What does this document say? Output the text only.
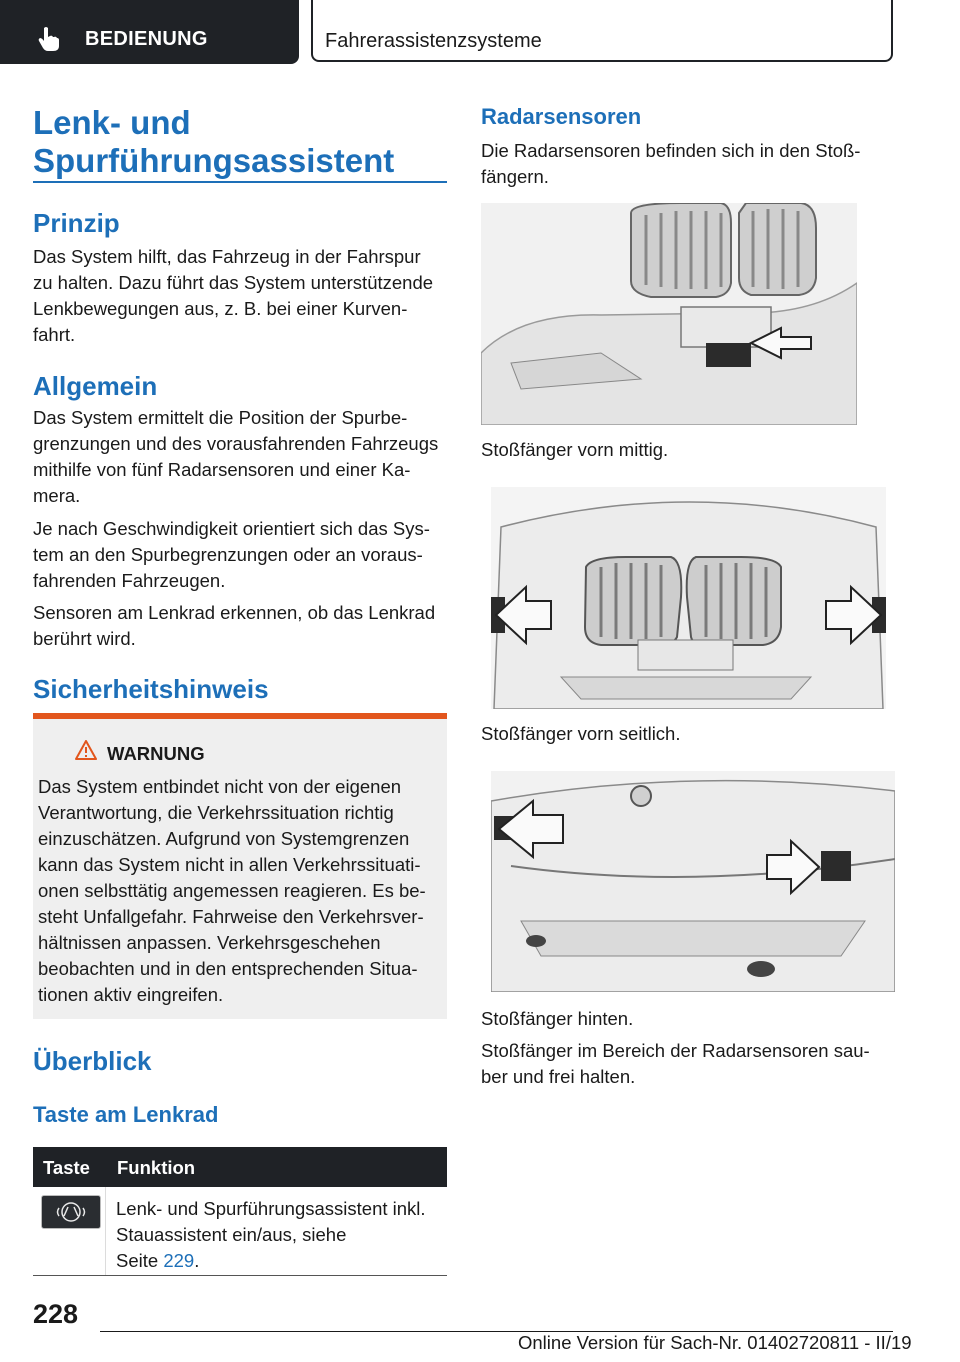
BEDIENUNG	Fahrerassistenzsysteme
Lenk- und
Spurführungsassistent
Prinzip
Das System hilft, das Fahrzeug in der Fahrspur
zu halten. Dazu führt das System unterstützende
Lenkbewegungen aus, z. B. bei einer Kurven-
fahrt.
Allgemein
Das System ermittelt die Position der Spurbe-
grenzungen und des vorausfahrenden Fahrzeugs
mithilfe von fünf Radarsensoren und einer Ka-
mera.
Je nach Geschwindigkeit orientiert sich das Sys-
tem an den Spurbegrenzungen oder an voraus-
fahrenden Fahrzeugen.
Sensoren am Lenkrad erkennen, ob das Lenkrad
berührt wird.
Sicherheitshinweis
WARNUNG
Das System entbindet nicht von der eigenen
Verantwortung, die Verkehrssituation richtig
einzuschätzen. Aufgrund von Systemgrenzen
kann das System nicht in allen Verkehrssituati-
onen selbsttätig angemessen reagieren. Es be-
steht Unfallgefahr. Fahrweise den Verkehrsver-
hältnissen anpassen. Verkehrsgeschehen
beobachten und in den entsprechenden Situa-
tionen aktiv eingreifen.
Überblick
Taste am Lenkrad
Taste Funktion
Lenk- und Spurführungsassistent inkl.
Stauassistent ein/aus, siehe
Seite 229.
Radarsensoren
Die Radarsensoren befinden sich in den Stoß-
fängern.
Stoßfänger vorn mittig.
Stoßfänger vorn seitlich.
Stoßfänger hinten.
Stoßfänger im Bereich der Radarsensoren sau-
ber und frei halten.
228
Online Version für Sach-Nr. 01402720811 - II/19
